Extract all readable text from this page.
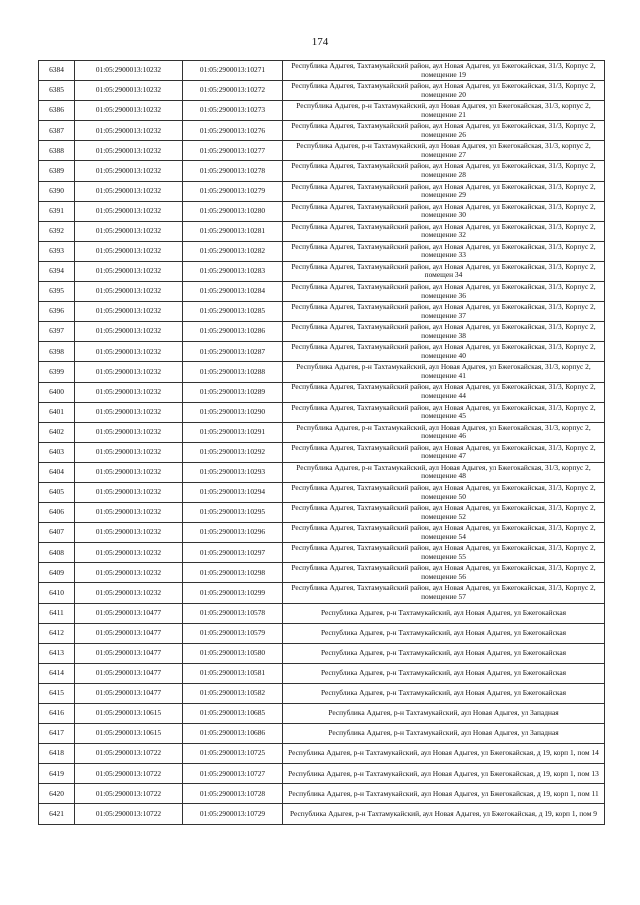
174
6384	01:05:2900013:10232	01:05:2900013:10271	Республика Адыгея, Тахтамукайский район, аул Новая Адыгея, ул Бжегокайская, 31/3, Корпус 2, помещение 19
6385	01:05:2900013:10232	01:05:2900013:10272	Республика Адыгея, Тахтамукайский район, аул Новая Адыгея, ул Бжегокайская, 31/3, Корпус 2, помещение 20
6386	01:05:2900013:10232	01:05:2900013:10273	Республика Адыгея, р-н Тахтамукайский, аул Новая Адыгея, ул Бжегокайская, 31/3, корпус 2, помещение 21
6387	01:05:2900013:10232	01:05:2900013:10276	Республика Адыгея, Тахтамукайский район, аул Новая Адыгея, ул Бжегокайская, 31/3, Корпус 2, помещение 26
6388	01:05:2900013:10232	01:05:2900013:10277	Республика Адыгея, р-н Тахтамукайский, аул Новая Адыгея, ул Бжегокайская, 31/3, корпус 2, помещение 27
6389	01:05:2900013:10232	01:05:2900013:10278	Республика Адыгея, Тахтамукайский район, аул Новая Адыгея, ул Бжегокайская, 31/3, Корпус 2, помещение 28
6390	01:05:2900013:10232	01:05:2900013:10279	Республика Адыгея, Тахтамукайский район, аул Новая Адыгея, ул Бжегокайская, 31/3, Корпус 2, помещение 29
6391	01:05:2900013:10232	01:05:2900013:10280	Республика Адыгея, Тахтамукайский район, аул Новая Адыгея, ул Бжегокайская, 31/3, Корпус 2, помещение 30
6392	01:05:2900013:10232	01:05:2900013:10281	Республика Адыгея, Тахтамукайский район, аул Новая Адыгея, ул Бжегокайская, 31/3, Корпус 2, помещение 32
6393	01:05:2900013:10232	01:05:2900013:10282	Республика Адыгея, Тахтамукайский район, аул Новая Адыгея, ул Бжегокайская, 31/3, Корпус 2, помещение 33
6394	01:05:2900013:10232	01:05:2900013:10283	Республика Адыгея, Тахтамукайский район, аул Новая Адыгея, ул Бжегокайская, 31/3, Корпус 2, помещен 34
6395	01:05:2900013:10232	01:05:2900013:10284	Республика Адыгея, Тахтамукайский район, аул Новая Адыгея, ул Бжегокайская, 31/3, Корпус 2, помещение 36
6396	01:05:2900013:10232	01:05:2900013:10285	Республика Адыгея, Тахтамукайский район, аул Новая Адыгея, ул Бжегокайская, 31/3, Корпус 2, помещение 37
6397	01:05:2900013:10232	01:05:2900013:10286	Республика Адыгея, Тахтамукайский район, аул Новая Адыгея, ул Бжегокайская, 31/3, Корпус 2, помещение 38
6398	01:05:2900013:10232	01:05:2900013:10287	Республика Адыгея, Тахтамукайский район, аул Новая Адыгея, ул Бжегокайская, 31/3, Корпус 2, помещение 40
6399	01:05:2900013:10232	01:05:2900013:10288	Республика Адыгея, р-н Тахтамукайский, аул Новая Адыгея, ул Бжегокайская, 31/3, корпус 2, помещение 41
6400	01:05:2900013:10232	01:05:2900013:10289	Республика Адыгея, Тахтамукайский район, аул Новая Адыгея, ул Бжегокайская, 31/3, Корпус 2, помещение 44
6401	01:05:2900013:10232	01:05:2900013:10290	Республика Адыгея, Тахтамукайский район, аул Новая Адыгея, ул Бжегокайская, 31/3, Корпус 2, помещение 45
6402	01:05:2900013:10232	01:05:2900013:10291	Республика Адыгея, р-н Тахтамукайский, аул Новая Адыгея, ул Бжегокайская, 31/3, корпус 2, помещение 46
6403	01:05:2900013:10232	01:05:2900013:10292	Республика Адыгея, Тахтамукайский район, аул Новая Адыгея, ул Бжегокайская, 31/3, Корпус 2, помещение 47
6404	01:05:2900013:10232	01:05:2900013:10293	Республика Адыгея, р-н Тахтамукайский, аул Новая Адыгея, ул Бжегокайская, 31/3, корпус 2, помещение 48
6405	01:05:2900013:10232	01:05:2900013:10294	Республика Адыгея, Тахтамукайский район, аул Новая Адыгея, ул Бжегокайская, 31/3, Корпус 2, помещение 50
6406	01:05:2900013:10232	01:05:2900013:10295	Республика Адыгея, Тахтамукайский район, аул Новая Адыгея, ул Бжегокайская, 31/3, Корпус 2, помещение 52
6407	01:05:2900013:10232	01:05:2900013:10296	Республика Адыгея, Тахтамукайский район, аул Новая Адыгея, ул Бжегокайская, 31/3, Корпус 2, помещение 54
6408	01:05:2900013:10232	01:05:2900013:10297	Республика Адыгея, Тахтамукайский район, аул Новая Адыгея, ул Бжегокайская, 31/3, Корпус 2, помещение 55
6409	01:05:2900013:10232	01:05:2900013:10298	Республика Адыгея, Тахтамукайский район, аул Новая Адыгея, ул Бжегокайская, 31/3, Корпус 2, помещение 56
6410	01:05:2900013:10232	01:05:2900013:10299	Республика Адыгея, Тахтамукайский район, аул Новая Адыгея, ул Бжегокайская, 31/3, Корпус 2, помещение 57
6411	01:05:2900013:10477	01:05:2900013:10578	Республика Адыгея, р-н Тахтамукайский, аул Новая Адыгея, ул Бжегокайская
6412	01:05:2900013:10477	01:05:2900013:10579	Республика Адыгея, р-н Тахтамукайский, аул Новая Адыгея, ул Бжегокайская
6413	01:05:2900013:10477	01:05:2900013:10580	Республика Адыгея, р-н Тахтамукайский, аул Новая Адыгея, ул Бжегокайская
6414	01:05:2900013:10477	01:05:2900013:10581	Республика Адыгея, р-н Тахтамукайский, аул Новая Адыгея, ул Бжегокайская
6415	01:05:2900013:10477	01:05:2900013:10582	Республика Адыгея, р-н Тахтамукайский, аул Новая Адыгея, ул Бжегокайская
6416	01:05:2900013:10615	01:05:2900013:10685	Республика Адыгея, р-н Тахтамукайский, аул Новая Адыгея, ул Западная
6417	01:05:2900013:10615	01:05:2900013:10686	Республика Адыгея, р-н Тахтамукайский, аул Новая Адыгея, ул Западная
6418	01:05:2900013:10722	01:05:2900013:10725	Республика Адыгея, р-н Тахтамукайский, аул Новая Адыгея, ул Бжегокайская, д 19, корп 1, пом 14
6419	01:05:2900013:10722	01:05:2900013:10727	Республика Адыгея, р-н Тахтамукайский, аул Новая Адыгея, ул Бжегокайская, д 19, корп 1, пом 13
6420	01:05:2900013:10722	01:05:2900013:10728	Республика Адыгея, р-н Тахтамукайский, аул Новая Адыгея, ул Бжегокайская, д 19, корп 1, пом 11
6421	01:05:2900013:10722	01:05:2900013:10729	Республика Адыгея, р-н Тахтамукайский, аул Новая Адыгея, ул Бжегокайская, д 19, корп 1, пом 9
